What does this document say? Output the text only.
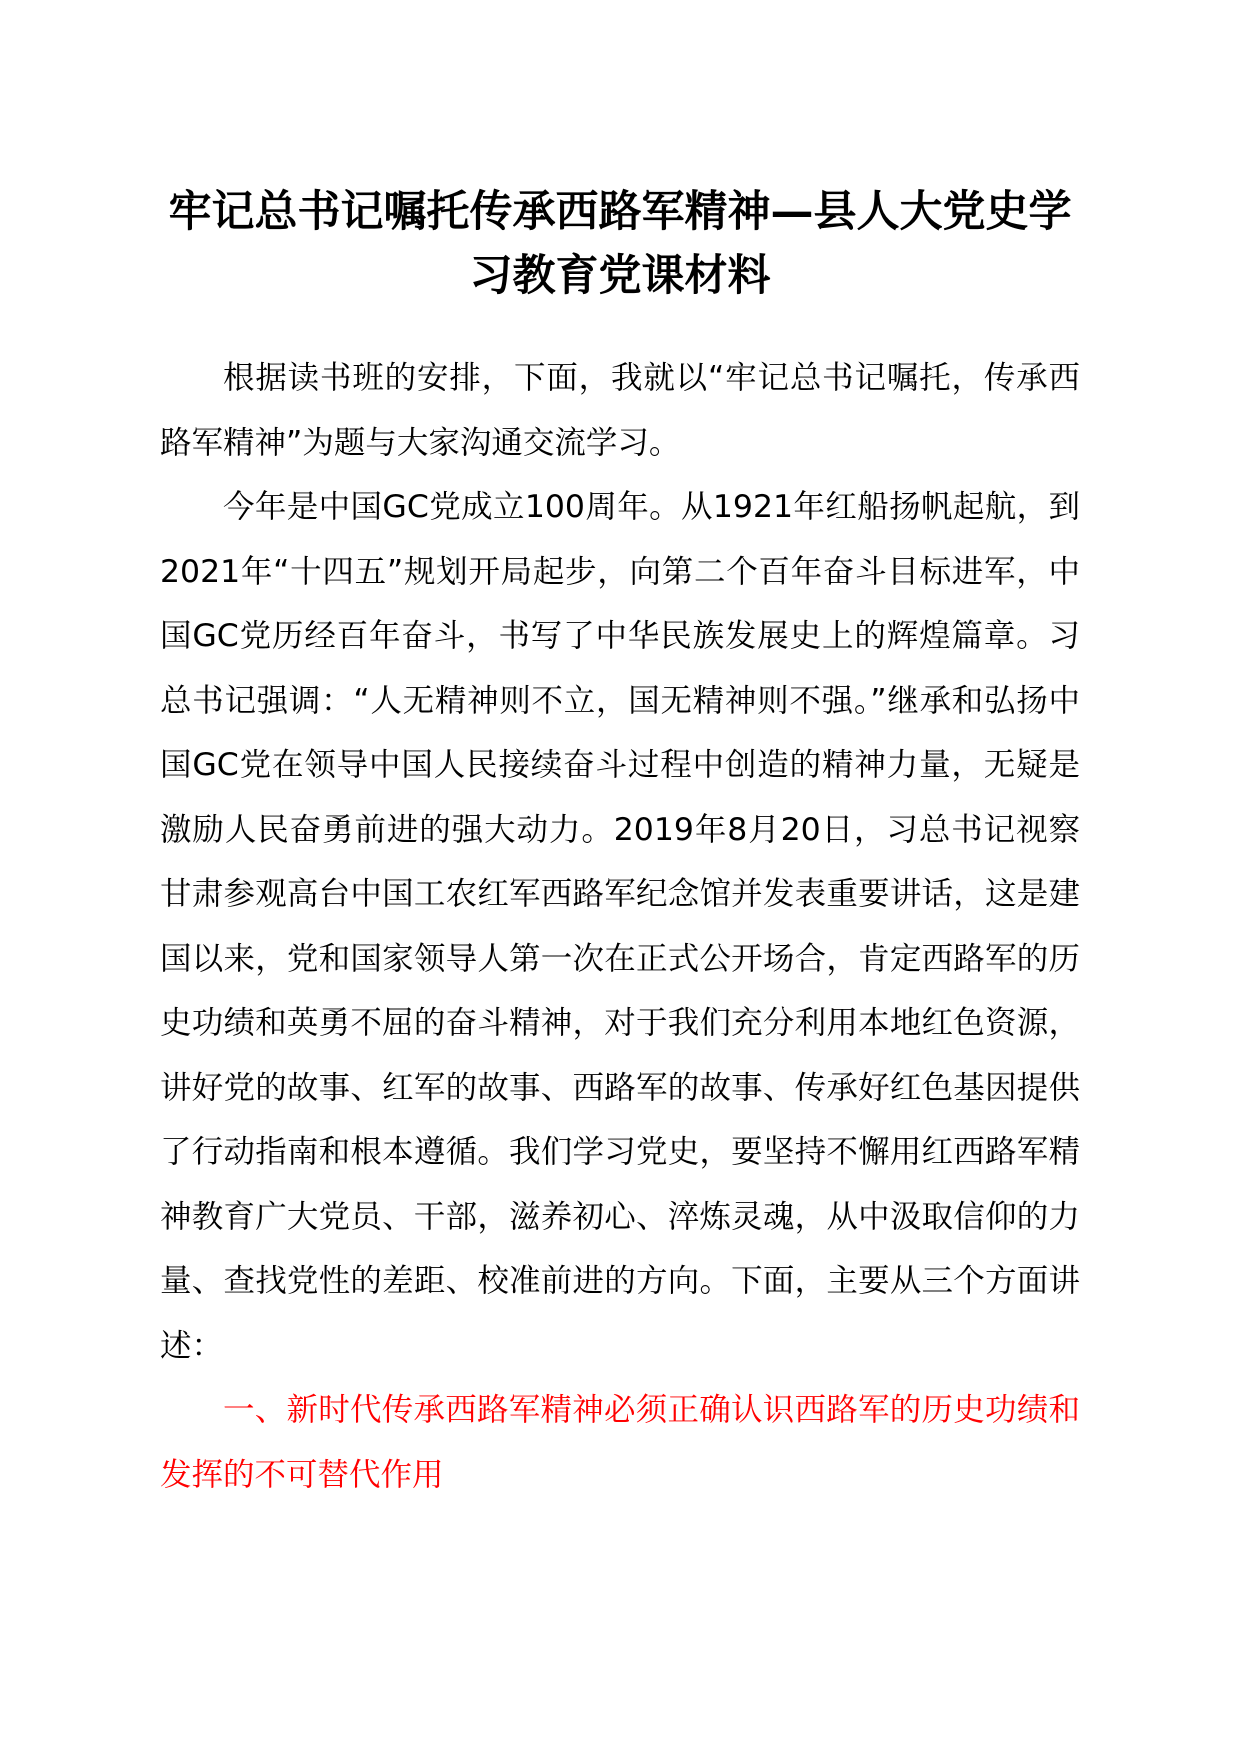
牢记总书记嘱托传承西路军精神—县人大党史学习教育党课材料

根据读书班的安排，下面，我就以“牢记总书记嘱托，传承西路军精神”为题与大家沟通交流学习。

今年是中国GC党成立100周年。从1921年红船扬帆起航，到2021年“十四五”规划开局起步，向第二个百年奋斗目标进军，中国GC党历经百年奋斗，书写了中华民族发展史上的辉煌篇章。习总书记强调：“人无精神则不立，国无精神则不强。”继承和弘扬中国GC党在领导中国人民接续奋斗过程中创造的精神力量，无疑是激励人民奋勇前进的强大动力。2019年8月20日，习总书记视察甘肃参观高台中国工农红军西路军纪念馆并发表重要讲话，这是建国以来，党和国家领导人第一次在正式公开场合，肯定西路军的历史功绩和英勇不屈的奋斗精神，对于我们充分利用本地红色资源，讲好党的故事、红军的故事、西路军的故事、传承好红色基因提供了行动指南和根本遵循。我们学习党史，要坚持不懈用红西路军精神教育广大党员、干部，滋养初心、淬炼灵魂，从中汲取信仰的力量、查找党性的差距、校准前进的方向。下面，主要从三个方面讲述：

一、新时代传承西路军精神必须正确认识西路军的历史功绩和发挥的不可替代作用
